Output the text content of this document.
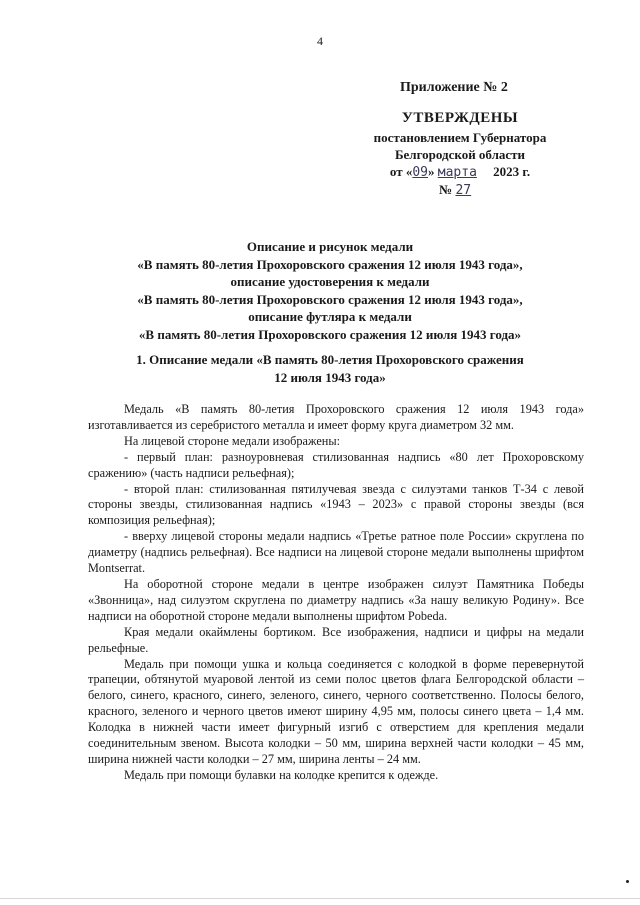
4
Приложение № 2
УТВЕРЖДЕНЫ
постановлением Губернатора
Белгородской области
от «09» марта 2023 г.
№ 27
Описание и рисунок медали
«В память 80-летия Прохоровского сражения 12 июля 1943 года»,
описание удостоверения к медали
«В память 80-летия Прохоровского сражения 12 июля 1943 года»,
описание футляра к медали
«В память 80-летия Прохоровского сражения 12 июля 1943 года»
1. Описание медали «В память 80-летия Прохоровского сражения
12 июля 1943 года»

Медаль «В память 80-летия Прохоровского сражения 12 июля 1943 года» изготавливается из серебристого металла и имеет форму круга диаметром 32 мм.

На лицевой стороне медали изображены:

- первый план: разноуровневая стилизованная надпись «80 лет Прохоровскому сражению» (часть надписи рельефная);

- второй план: стилизованная пятилучевая звезда с силуэтами танков Т-34 с левой стороны звезды, стилизованная надпись «1943 – 2023» с правой стороны звезды (вся композиция рельефная);

- вверху лицевой стороны медали надпись «Третье ратное поле России» скруглена по диаметру (надпись рельефная). Все надписи на лицевой стороне медали выполнены шрифтом Montserrat.

На оборотной стороне медали в центре изображен силуэт Памятника Победы «Звонница», над силуэтом скруглена по диаметру надпись «За нашу великую Родину». Все надписи на оборотной стороне медали выполнены шрифтом Pobeda.

Края медали окаймлены бортиком. Все изображения, надписи и цифры на медали рельефные.

Медаль при помощи ушка и кольца соединяется с колодкой в форме перевернутой трапеции, обтянутой муаровой лентой из семи полос цветов флага Белгородской области – белого, синего, красного, синего, зеленого, синего, черного соответственно. Полосы белого, красного, зеленого и черного цветов имеют ширину 4,95 мм, полосы синего цвета – 1,4 мм. Колодка в нижней части имеет фигурный изгиб с отверстием для крепления медали соединительным звеном. Высота колодки – 50 мм, ширина верхней части колодки – 45 мм, ширина нижней части колодки – 27 мм, ширина ленты – 24 мм.

Медаль при помощи булавки на колодке крепится к одежде.
